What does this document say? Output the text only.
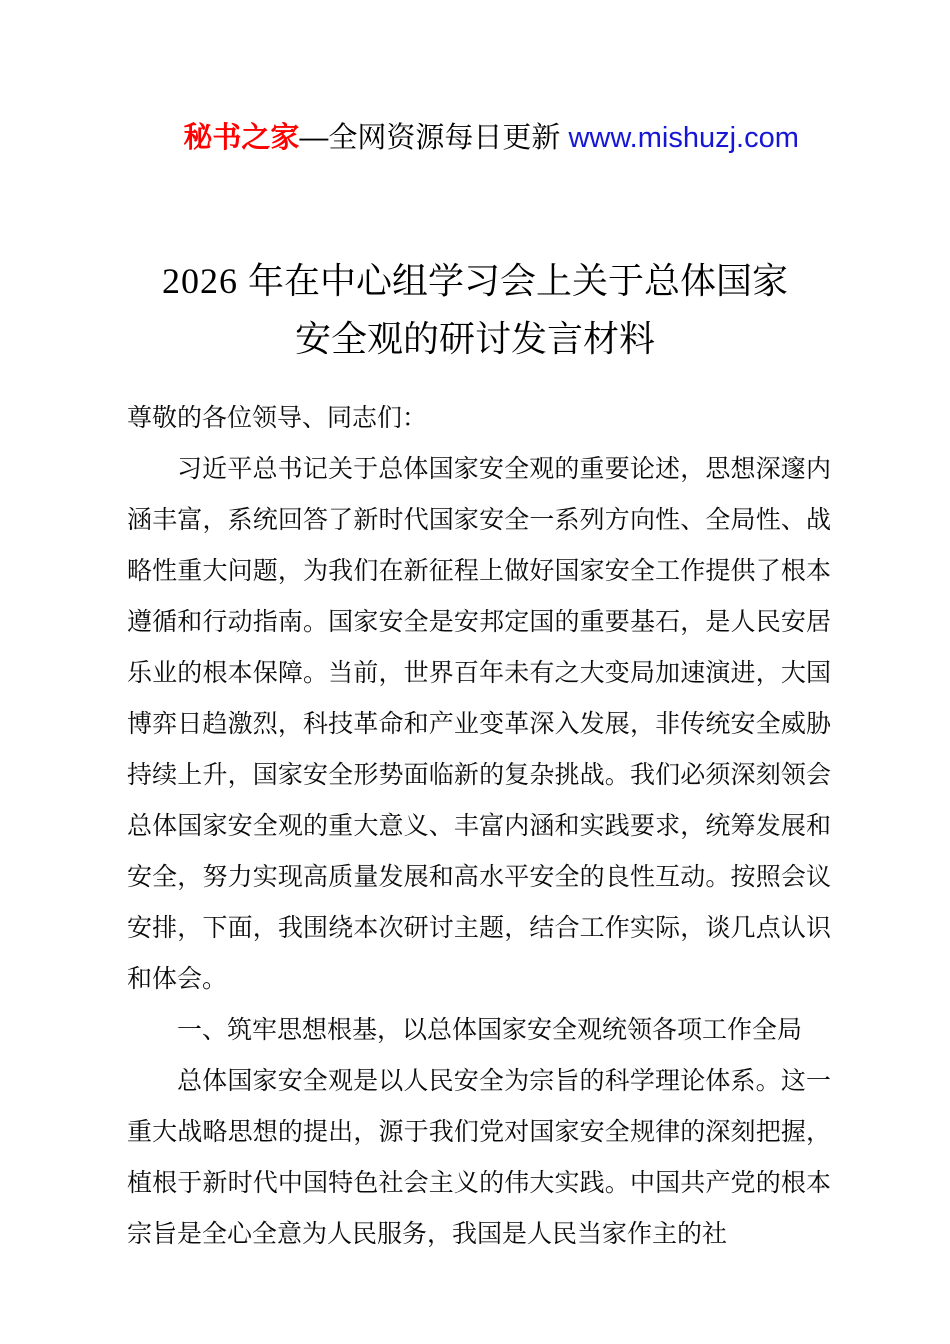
秘书之家—全网资源每日更新 www.mishuzj.com

2026 年在中心组学习会上关于总体国家
安全观的研讨发言材料

尊敬的各位领导、同志们：

习近平总书记关于总体国家安全观的重要论述，思想深邃内涵丰富，系统回答了新时代国家安全一系列方向性、全局性、战略性重大问题，为我们在新征程上做好国家安全工作提供了根本遵循和行动指南。国家安全是安邦定国的重要基石，是人民安居乐业的根本保障。当前，世界百年未有之大变局加速演进，大国博弈日趋激烈，科技革命和产业变革深入发展，非传统安全威胁持续上升，国家安全形势面临新的复杂挑战。我们必须深刻领会总体国家安全观的重大意义、丰富内涵和实践要求，统筹发展和安全，努力实现高质量发展和高水平安全的良性互动。按照会议安排，下面，我围绕本次研讨主题，结合工作实际，谈几点认识和体会。

一、筑牢思想根基，以总体国家安全观统领各项工作全局

总体国家安全观是以人民安全为宗旨的科学理论体系。这一重大战略思想的提出，源于我们党对国家安全规律的深刻把握，植根于新时代中国特色社会主义的伟大实践。中国共产党的根本宗旨是全心全意为人民服务，我国是人民当家作主的社
